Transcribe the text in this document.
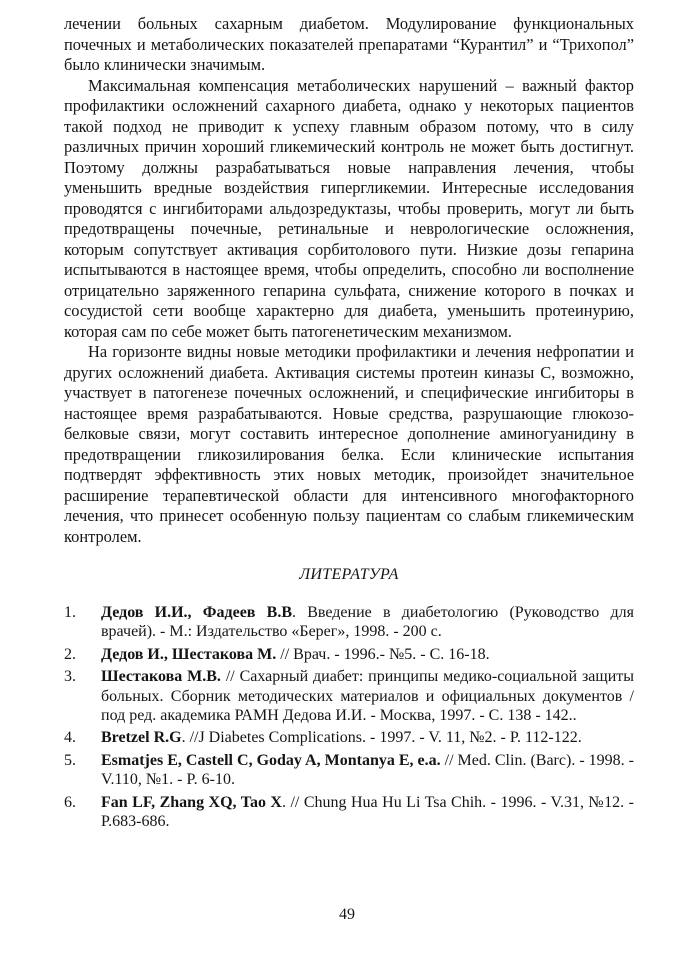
лечении больных сахарным диабетом. Модулирование функциональных почечных и метаболических показателей препаратами “Курантил” и “Трихопол” было клинически значимым.

Максимальная компенсация метаболических нарушений – важный фактор профилактики осложнений сахарного диабета, однако у некоторых пациентов такой подход не приводит к успеху главным образом потому, что в силу различных причин хороший гликемический контроль не может быть достигнут. Поэтому должны разрабатываться новые направления лечения, чтобы уменьшить вредные воздействия гипергликемии. Интересные исследования проводятся с ингибиторами альдозредуктазы, чтобы проверить, могут ли быть предотвращены почечные, ретинальные и неврологические осложнения, которым сопутствует активация сорбитолового пути. Низкие дозы гепарина испытываются в настоящее время, чтобы определить, способно ли восполнение отрицательно заряженного гепарина сульфата, снижение которого в почках и сосудистой сети вообще характерно для диабета, уменьшить протеинурию, которая сам по себе может быть патогенетическим механизмом.

На горизонте видны новые методики профилактики и лечения нефропатии и других осложнений диабета. Активация системы протеин киназы С, возможно, участвует в патогенезе почечных осложнений, и специфические ингибиторы в настоящее время разрабатываются. Новые средства, разрушающие глюкозо-белковые связи, могут составить интересное дополнение аминогуанидину в предотвращении гликозилирования белка. Если клинические испытания подтвердят эффективность этих новых методик, произойдет значительное расширение терапевтической области для интенсивного многофакторного лечения, что принесет особенную пользу пациентам со слабым гликемическим контролем.

ЛИТЕРАТУРА
1.	Дедов И.И., Фадеев В.В. Введение в диабетологию (Руководство для врачей). - М.: Издательство «Берег», 1998. - 200 с.
2.	Дедов И., Шестакова М. // Врач. - 1996.- №5. - С. 16-18.
3.	Шестакова М.В. // Сахарный диабет: принципы медико-социальной защиты больных. Сборник методических материалов и официальных документов / под ред. академика РАМН Дедова И.И. - Москва, 1997. - С. 138 - 142..
4.	Bretzel R.G. //J Diabetes Complications. - 1997. - V. 11, №2. - P. 112-122.
5.	Esmatjes E, Castell C, Goday A, Montanya E, e.a. // Med. Clin. (Barc). - 1998. - V.110, №1. - P. 6-10.
6.	Fan LF, Zhang XQ, Tao X. // Chung Hua Hu Li Tsa Chih. - 1996. - V.31, №12. - P.683-686.
49
